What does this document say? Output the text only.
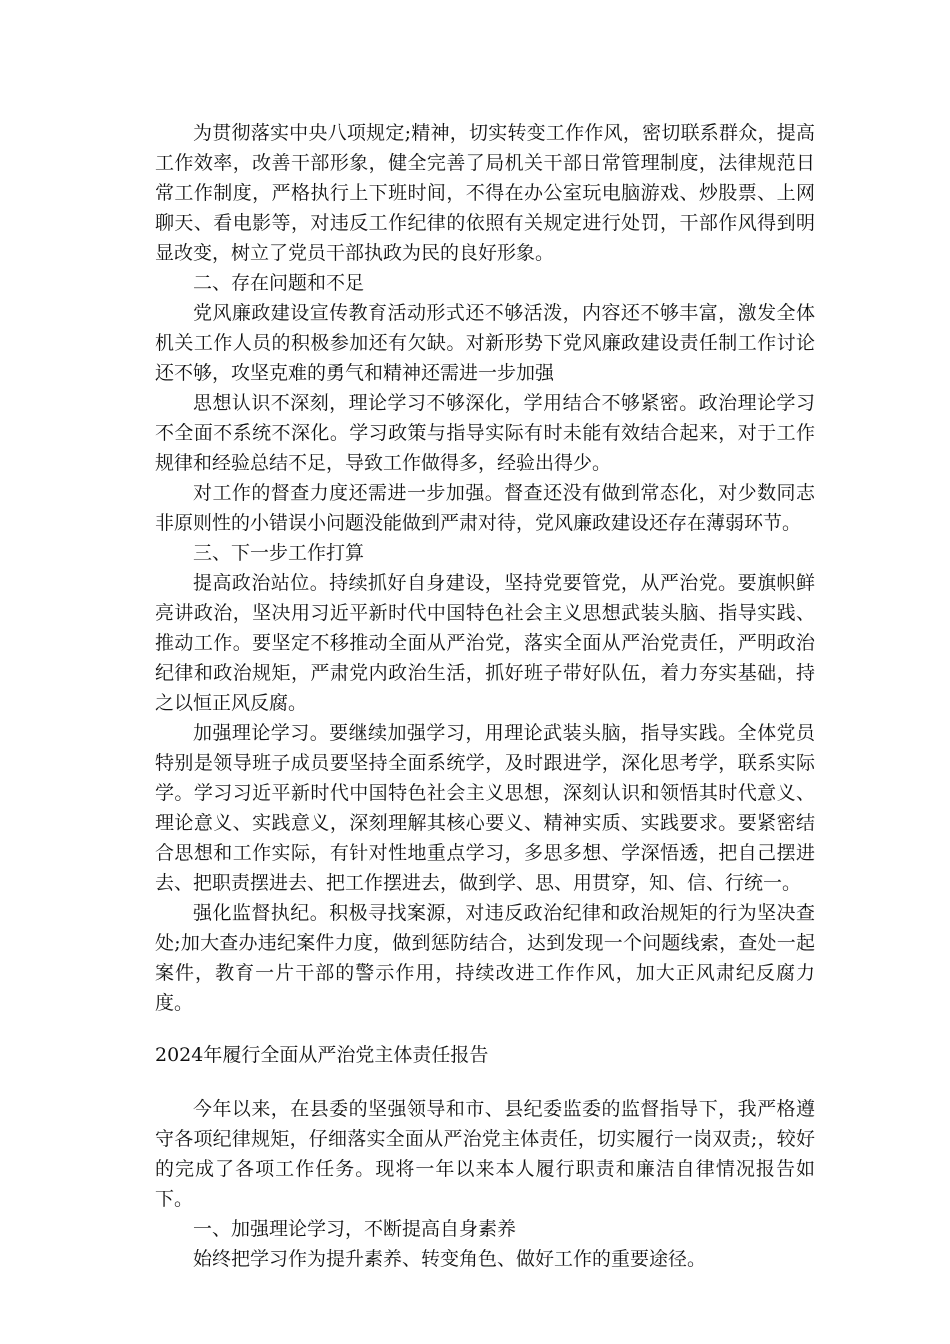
为贯彻落实中央八项规定;精神，切实转变工作作风，密切联系群众，提高工作效率，改善干部形象，健全完善了局机关干部日常管理制度，法律规范日常工作制度，严格执行上下班时间，不得在办公室玩电脑游戏、炒股票、上网聊天、看电影等，对违反工作纪律的依照有关规定进行处罚，干部作风得到明显改变，树立了党员干部执政为民的良好形象。

二、存在问题和不足

党风廉政建设宣传教育活动形式还不够活泼，内容还不够丰富，激发全体机关工作人员的积极参加还有欠缺。对新形势下党风廉政建设责任制工作讨论还不够，攻坚克难的勇气和精神还需进一步加强

思想认识不深刻，理论学习不够深化，学用结合不够紧密。政治理论学习不全面不系统不深化。学习政策与指导实际有时未能有效结合起来，对于工作规律和经验总结不足，导致工作做得多，经验出得少。

对工作的督查力度还需进一步加强。督查还没有做到常态化，对少数同志非原则性的小错误小问题没能做到严肃对待，党风廉政建设还存在薄弱环节。

三、下一步工作打算

提高政治站位。持续抓好自身建设，坚持党要管党，从严治党。要旗帜鲜亮讲政治，坚决用习近平新时代中国特色社会主义思想武装头脑、指导实践、推动工作。要坚定不移推动全面从严治党，落实全面从严治党责任，严明政治纪律和政治规矩，严肃党内政治生活，抓好班子带好队伍，着力夯实基础，持之以恒正风反腐。

加强理论学习。要继续加强学习，用理论武装头脑，指导实践。全体党员特别是领导班子成员要坚持全面系统学，及时跟进学，深化思考学，联系实际学。学习习近平新时代中国特色社会主义思想，深刻认识和领悟其时代意义、理论意义、实践意义，深刻理解其核心要义、精神实质、实践要求。要紧密结合思想和工作实际，有针对性地重点学习，多思多想、学深悟透，把自己摆进去、把职责摆进去、把工作摆进去，做到学、思、用贯穿，知、信、行统一。

强化监督执纪。积极寻找案源，对违反政治纪律和政治规矩的行为坚决查处;加大查办违纪案件力度，做到惩防结合，达到发现一个问题线索，查处一起案件，教育一片干部的警示作用，持续改进工作作风，加大正风肃纪反腐力度。

2024年履行全面从严治党主体责任报告

今年以来，在县委的坚强领导和市、县纪委监委的监督指导下，我严格遵守各项纪律规矩，仔细落实全面从严治党主体责任，切实履行一岗双责;，较好的完成了各项工作任务。现将一年以来本人履行职责和廉洁自律情况报告如下。

一、加强理论学习，不断提高自身素养

始终把学习作为提升素养、转变角色、做好工作的重要途径。
